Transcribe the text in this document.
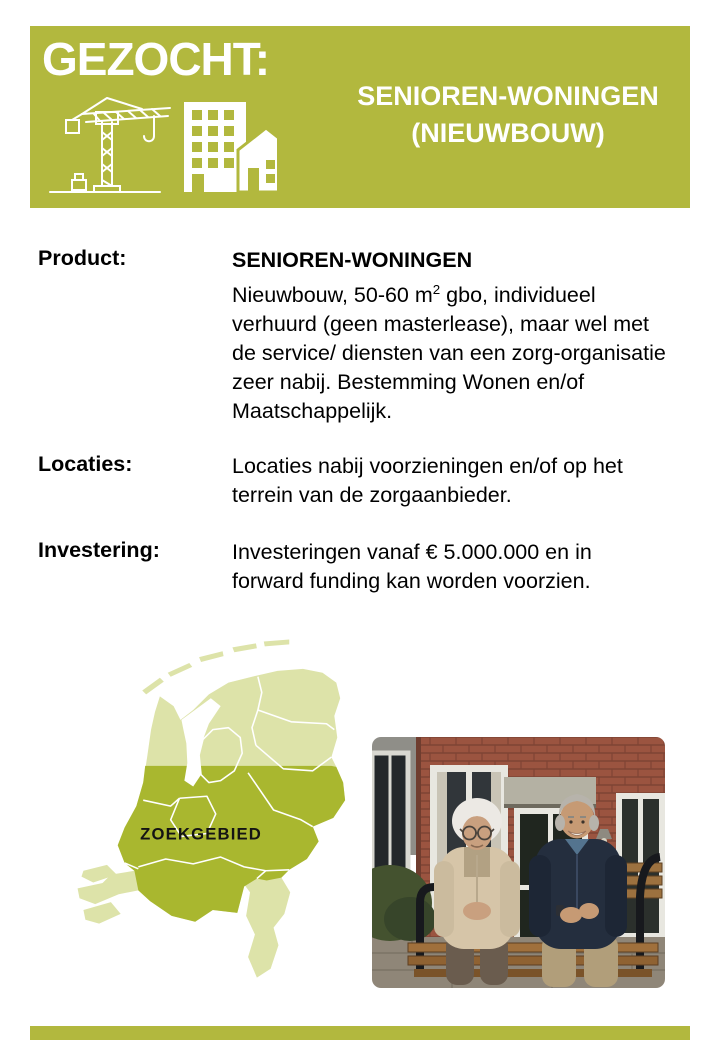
GEZOCHT:
SENIOREN-WONINGEN
(NIEUWBOUW)
Product:	SENIOREN-WONINGEN
Nieuwbouw, 50-60 $m^2$ gbo, individueel
verhuurd (geen masterlease), maar wel met
de service/ diensten van een zorg-organisatie
zeer nabij. Bestemming Wonen en/of
Maatschappelijk.
Locaties:	Locaties nabij voorzieningen en/of op het
terrein van de zorgaanbieder.
Investering:	Investeringen vanaf € 5.000.000 en in
forward funding kan worden voorzien.
ZOEKGEBIED
